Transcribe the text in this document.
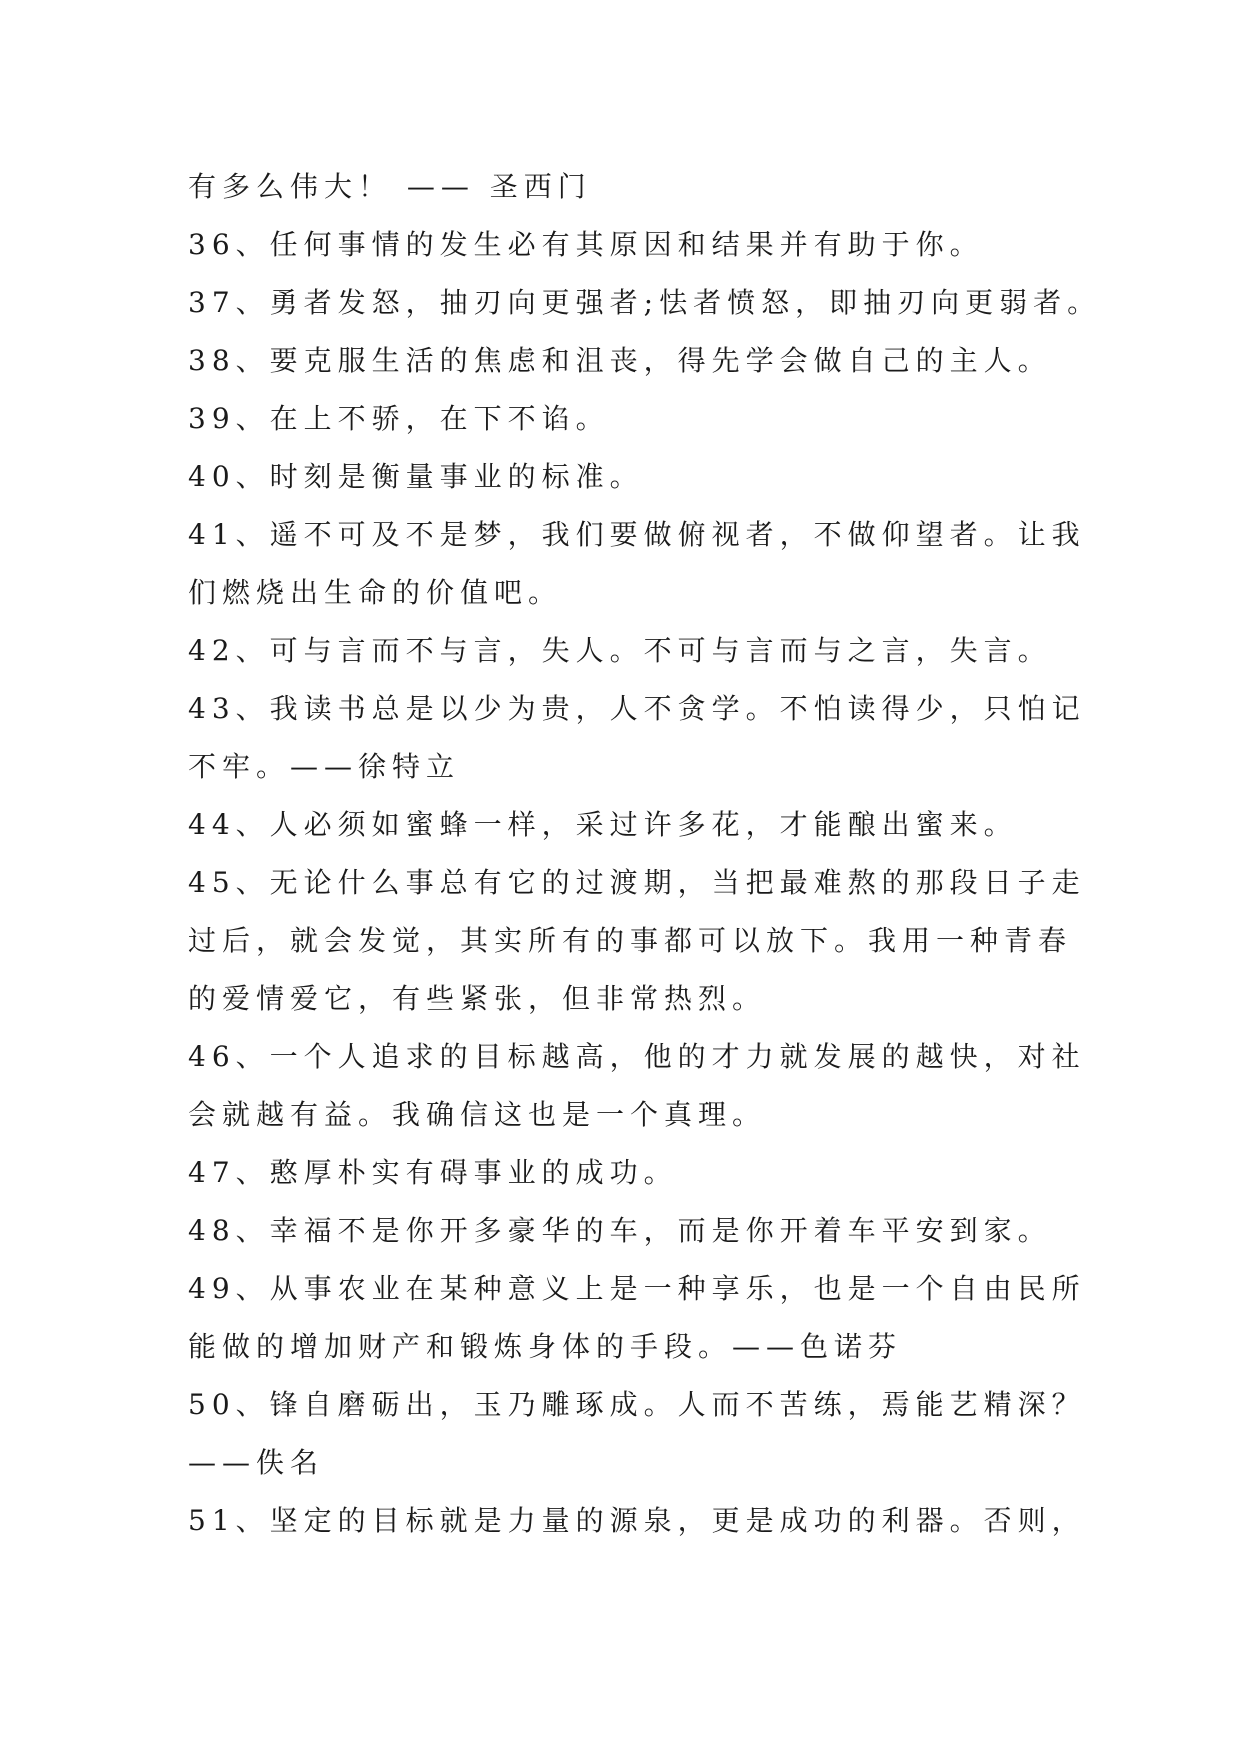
有多么伟大！ —— 圣西门
36、任何事情的发生必有其原因和结果并有助于你。
37、勇者发怒，抽刃向更强者;怯者愤怒，即抽刃向更弱者。
38、要克服生活的焦虑和沮丧，得先学会做自己的主人。
39、在上不骄，在下不谄。
40、时刻是衡量事业的标准。
41、遥不可及不是梦，我们要做俯视者，不做仰望者。让我
们燃烧出生命的价值吧。
42、可与言而不与言，失人。不可与言而与之言，失言。
43、我读书总是以少为贵，人不贪学。不怕读得少，只怕记
不牢。——徐特立
44、人必须如蜜蜂一样，采过许多花，才能酿出蜜来。
45、无论什么事总有它的过渡期，当把最难熬的那段日子走
过后，就会发觉，其实所有的事都可以放下。我用一种青春
的爱情爱它，有些紧张，但非常热烈。
46、一个人追求的目标越高，他的才力就发展的越快，对社
会就越有益。我确信这也是一个真理。
47、憨厚朴实有碍事业的成功。
48、幸福不是你开多豪华的车，而是你开着车平安到家。
49、从事农业在某种意义上是一种享乐，也是一个自由民所
能做的增加财产和锻炼身体的手段。——色诺芬
50、锋自磨砺出，玉乃雕琢成。人而不苦练，焉能艺精深？
——佚名
51、坚定的目标就是力量的源泉，更是成功的利器。否则，
